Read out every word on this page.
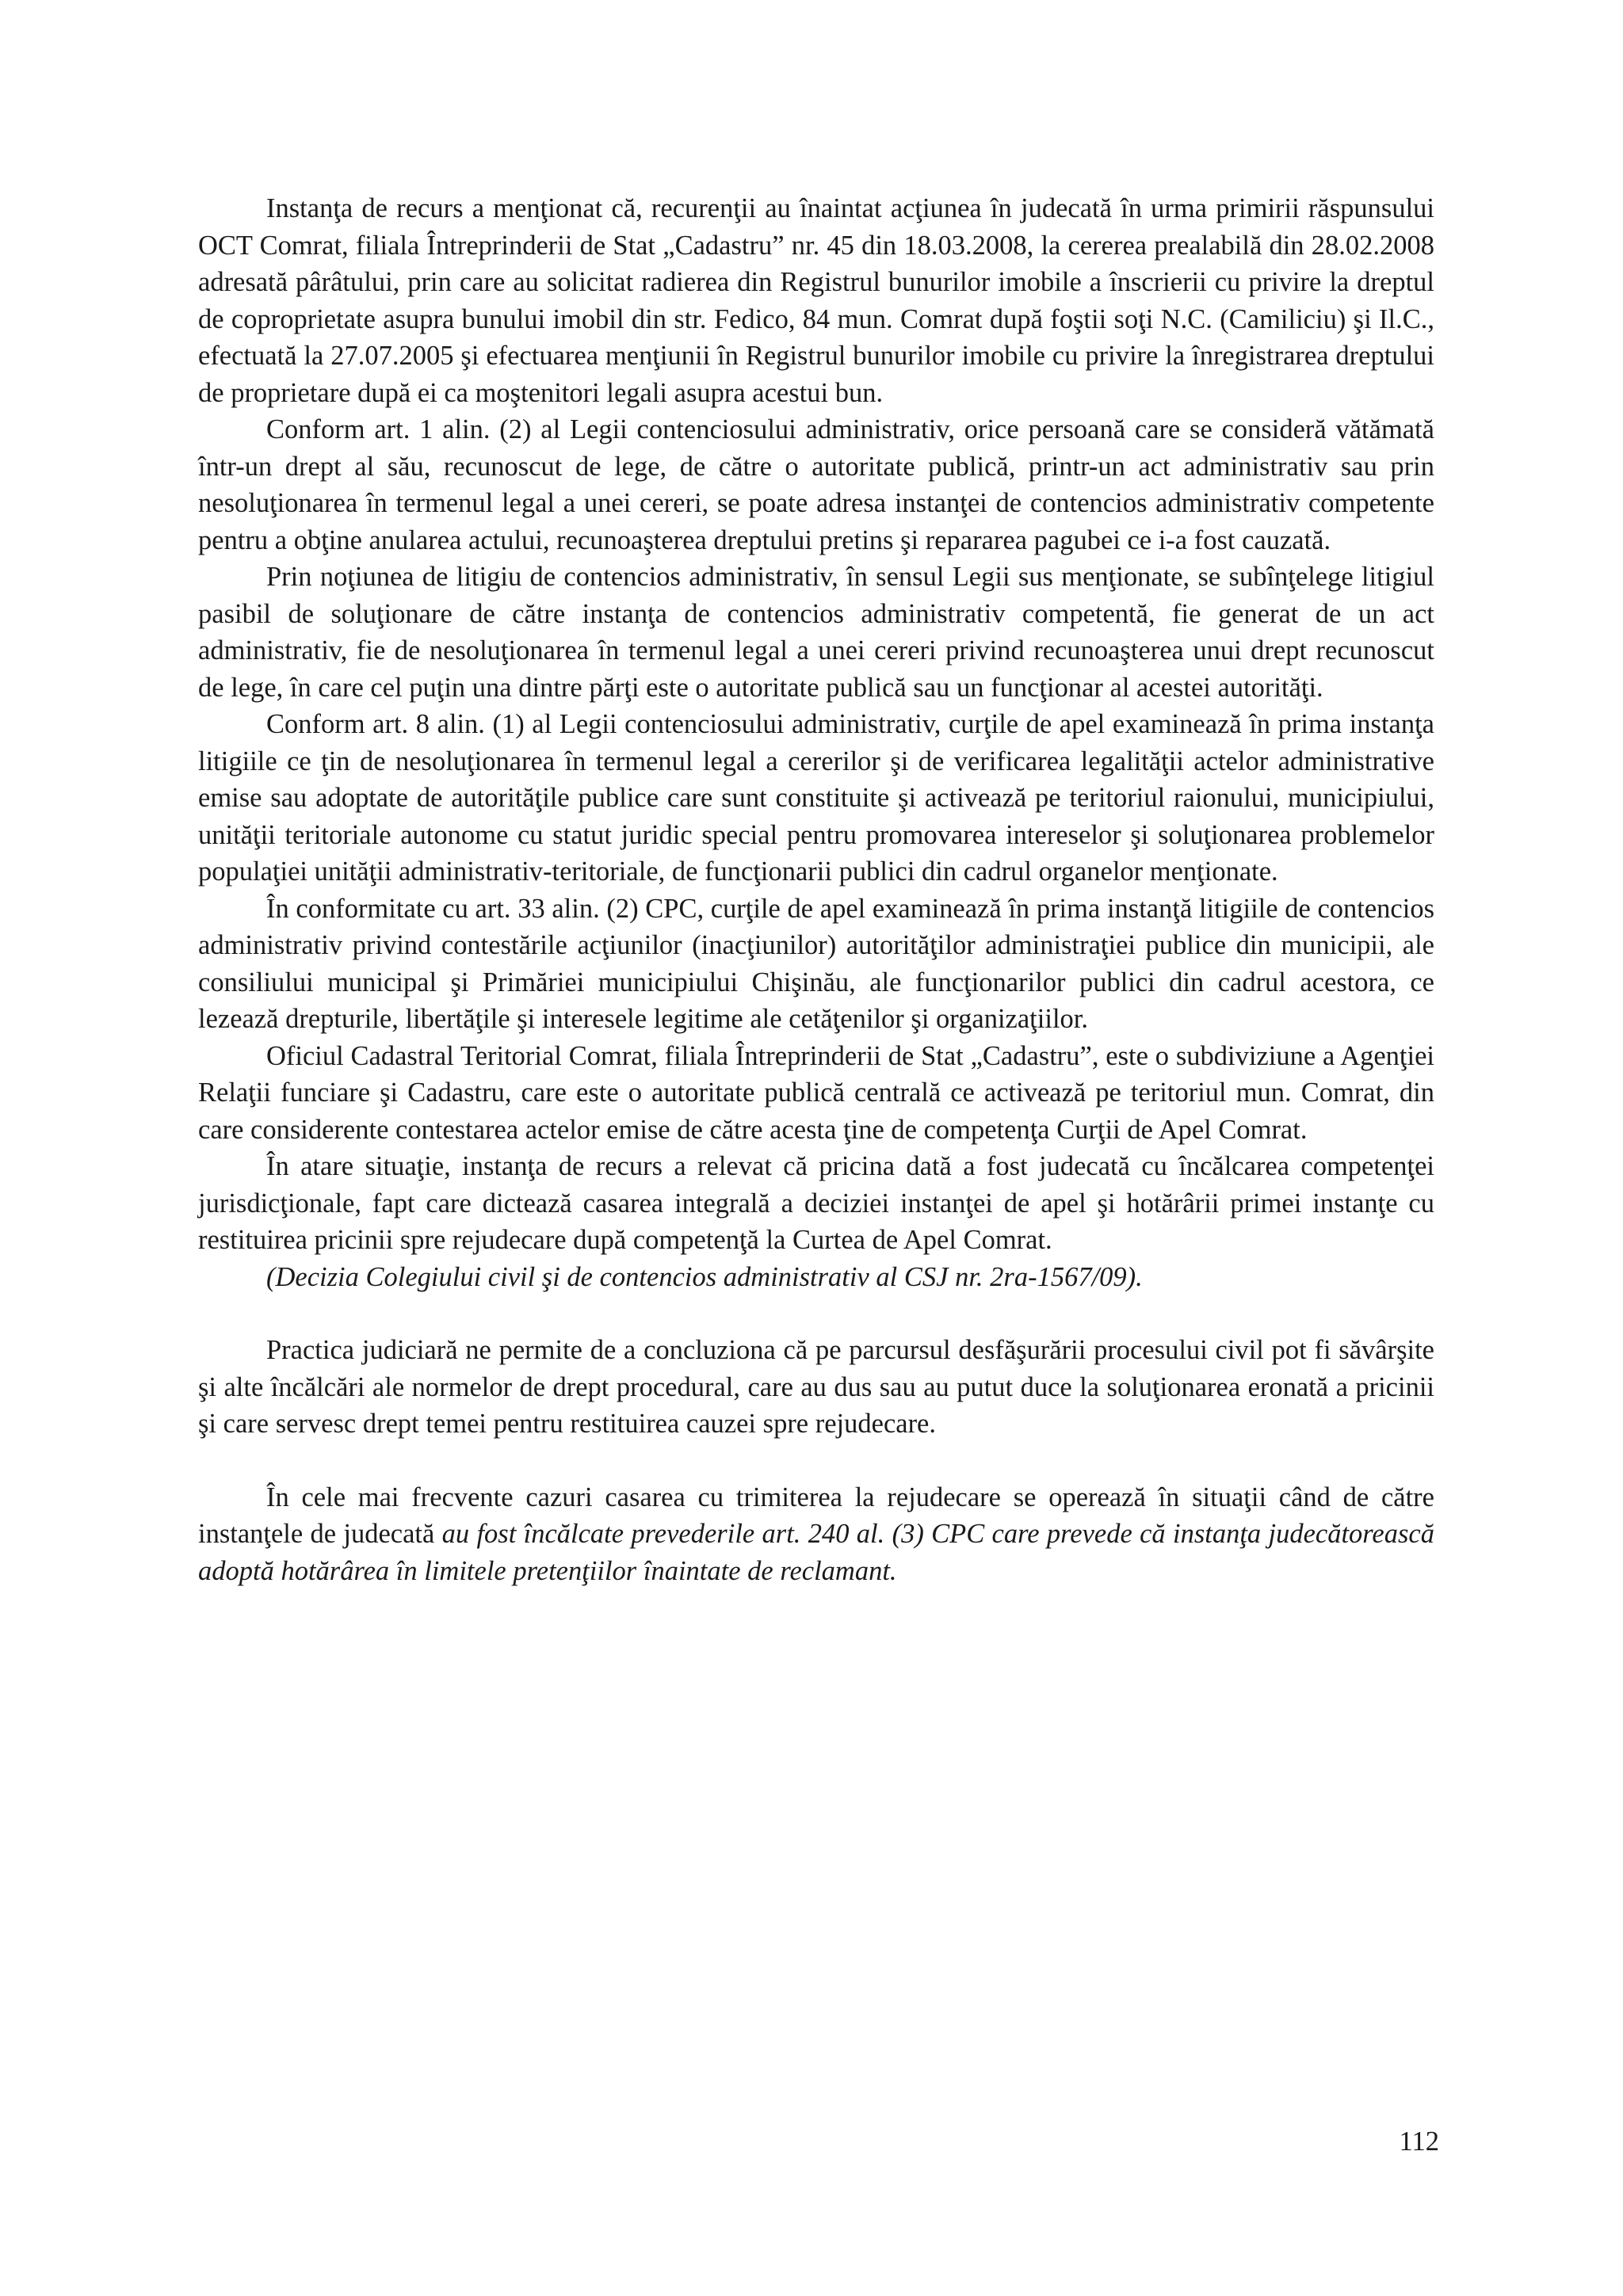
Instanţa de recurs a menţionat că, recurenţii au înaintat acţiunea în judecată în urma primirii răspunsului OCT Comrat, filiala Întreprinderii de Stat „Cadastru” nr. 45 din 18.03.2008, la cererea prealabilă din 28.02.2008 adresată pârâtului, prin care au solicitat radierea din Registrul bunurilor imobile a înscrierii cu privire la dreptul de coproprietate asupra bunului imobil din str. Fedico, 84 mun. Comrat după foştii soţi N.C. (Camiliciu) şi Il.C., efectuată la 27.07.2005 şi efectuarea menţiunii în Registrul bunurilor imobile cu privire la înregistrarea dreptului de proprietare după ei ca moştenitori legali asupra acestui bun.

Conform art. 1 alin. (2) al Legii contenciosului administrativ, orice persoană care se consideră vătămată într-un drept al său, recunoscut de lege, de către o autoritate publică, printr-un act administrativ sau prin nesoluţionarea în termenul legal a unei cereri, se poate adresa instanţei de contencios administrativ competente pentru a obţine anularea actului, recunoaşterea dreptului pretins şi repararea pagubei ce i-a fost cauzată.

Prin noţiunea de litigiu de contencios administrativ, în sensul Legii sus menţionate, se subînţelege litigiul pasibil de soluţionare de către instanţa de contencios administrativ competentă, fie generat de un act administrativ, fie de nesoluţionarea în termenul legal a unei cereri privind recunoaşterea unui drept recunoscut de lege, în care cel puţin una dintre părţi este o autoritate publică sau un funcţionar al acestei autorităţi.

Conform art. 8 alin. (1) al Legii contenciosului administrativ, curţile de apel examinează în prima instanţa litigiile ce ţin de nesoluţionarea în termenul legal a cererilor şi de verificarea legalităţii actelor administrative emise sau adoptate de autorităţile publice care sunt constituite şi activează pe teritoriul raionului, municipiului, unităţii teritoriale autonome cu statut juridic special pentru promovarea intereselor şi soluţionarea problemelor populaţiei unităţii administrativ-teritoriale, de funcţionarii publici din cadrul organelor menţionate.

În conformitate cu art. 33 alin. (2) CPC, curţile de apel examinează în prima instanţă litigiile de contencios administrativ privind contestările acţiunilor (inacţiunilor) autorităţilor administraţiei publice din municipii, ale consiliului municipal şi Primăriei municipiului Chişinău, ale funcţionarilor publici din cadrul acestora, ce lezează drepturile, libertăţile şi interesele legitime ale cetăţenilor şi organizaţiilor.

Oficiul Cadastral Teritorial Comrat, filiala Întreprinderii de Stat „Cadastru”, este o subdiviziune a Agenţiei Relaţii funciare şi Cadastru, care este o autoritate publică centrală ce activează pe teritoriul mun. Comrat, din care considerente contestarea actelor emise de către acesta ţine de competenţa Curţii de Apel Comrat.

În atare situaţie, instanţa de recurs a relevat că pricina dată a fost judecată cu încălcarea competenţei jurisdicţionale, fapt care dictează casarea integrală a deciziei instanţei de apel şi hotărârii primei instanţe cu restituirea pricinii spre rejudecare după competenţă la Curtea de Apel Comrat.

(Decizia Colegiului civil şi de contencios administrativ al CSJ nr. 2ra-1567/09).

Practica judiciară ne permite de a concluziona că pe parcursul desfăşurării procesului civil pot fi săvârşite şi alte încălcări ale normelor de drept procedural, care au dus sau au putut duce la soluţionarea eronată a pricinii şi care servesc drept temei pentru restituirea cauzei spre rejudecare.

În cele mai frecvente cazuri casarea cu trimiterea la rejudecare se operează în situaţii când de către instanţele de judecată au fost încălcate prevederile art. 240 al. (3) CPC care prevede că instanţa judecătorească adoptă hotărârea în limitele pretenţiilor înaintate de reclamant.

112
